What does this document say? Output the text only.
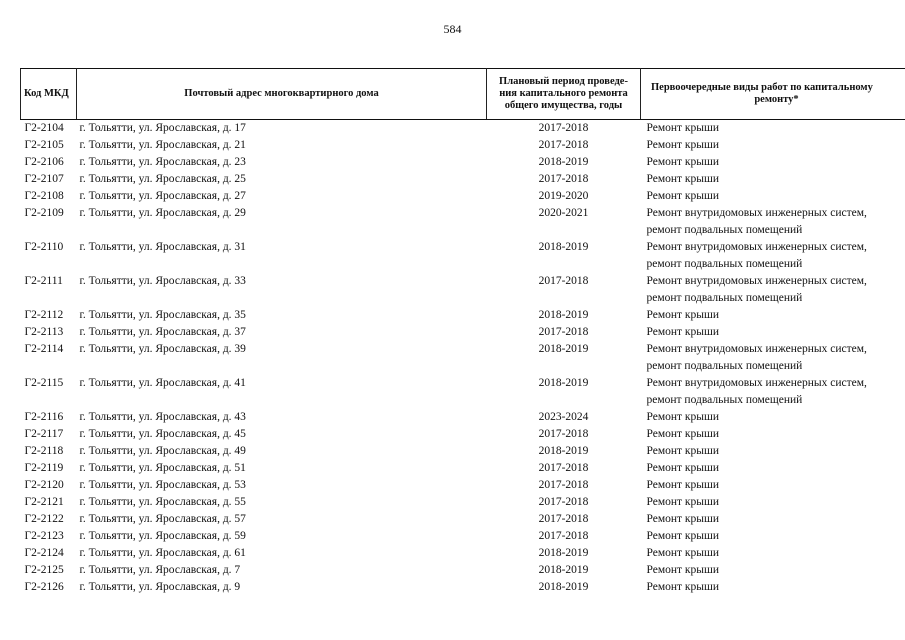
584
Код МКД	Почтовый адрес многоквартирного дома	Плановый период проведе-
ния капитального ремонта
общего имущества, годы	Первоочередные виды работ по капитальному
ремонту*
Г2-2104	г. Тольятти, ул. Ярославская, д. 17	2017-2018	Ремонт крыши

Г2-2105	г. Тольятти, ул. Ярославская, д. 21	2017-2018	Ремонт крыши

Г2-2106	г. Тольятти, ул. Ярославская, д. 23	2018-2019	Ремонт крыши

Г2-2107	г. Тольятти, ул. Ярославская, д. 25	2017-2018	Ремонт крыши

Г2-2108	г. Тольятти, ул. Ярославская, д. 27	2019-2020	Ремонт крыши

Г2-2109	г. Тольятти, ул. Ярославская, д. 29	2020-2021	Ремонт внутридомовых инженерных систем,
ремонт подвальных помещений

Г2-2110	г. Тольятти, ул. Ярославская, д. 31	2018-2019	Ремонт внутридомовых инженерных систем,
ремонт подвальных помещений

Г2-2111	г. Тольятти, ул. Ярославская, д. 33	2017-2018	Ремонт внутридомовых инженерных систем,
ремонт подвальных помещений

Г2-2112	г. Тольятти, ул. Ярославская, д. 35	2018-2019	Ремонт крыши

Г2-2113	г. Тольятти, ул. Ярославская, д. 37	2017-2018	Ремонт крыши

Г2-2114	г. Тольятти, ул. Ярославская, д. 39	2018-2019	Ремонт внутридомовых инженерных систем,
ремонт подвальных помещений

Г2-2115	г. Тольятти, ул. Ярославская, д. 41	2018-2019	Ремонт внутридомовых инженерных систем,
ремонт подвальных помещений

Г2-2116	г. Тольятти, ул. Ярославская, д. 43	2023-2024	Ремонт крыши

Г2-2117	г. Тольятти, ул. Ярославская, д. 45	2017-2018	Ремонт крыши

Г2-2118	г. Тольятти, ул. Ярославская, д. 49	2018-2019	Ремонт крыши

Г2-2119	г. Тольятти, ул. Ярославская, д. 51	2017-2018	Ремонт крыши

Г2-2120	г. Тольятти, ул. Ярославская, д. 53	2017-2018	Ремонт крыши

Г2-2121	г. Тольятти, ул. Ярославская, д. 55	2017-2018	Ремонт крыши

Г2-2122	г. Тольятти, ул. Ярославская, д. 57	2017-2018	Ремонт крыши

Г2-2123	г. Тольятти, ул. Ярославская, д. 59	2017-2018	Ремонт крыши

Г2-2124	г. Тольятти, ул. Ярославская, д. 61	2018-2019	Ремонт крыши

Г2-2125	г. Тольятти, ул. Ярославская, д. 7	2018-2019	Ремонт крыши

Г2-2126	г. Тольятти, ул. Ярославская, д. 9	2018-2019	Ремонт крыши
